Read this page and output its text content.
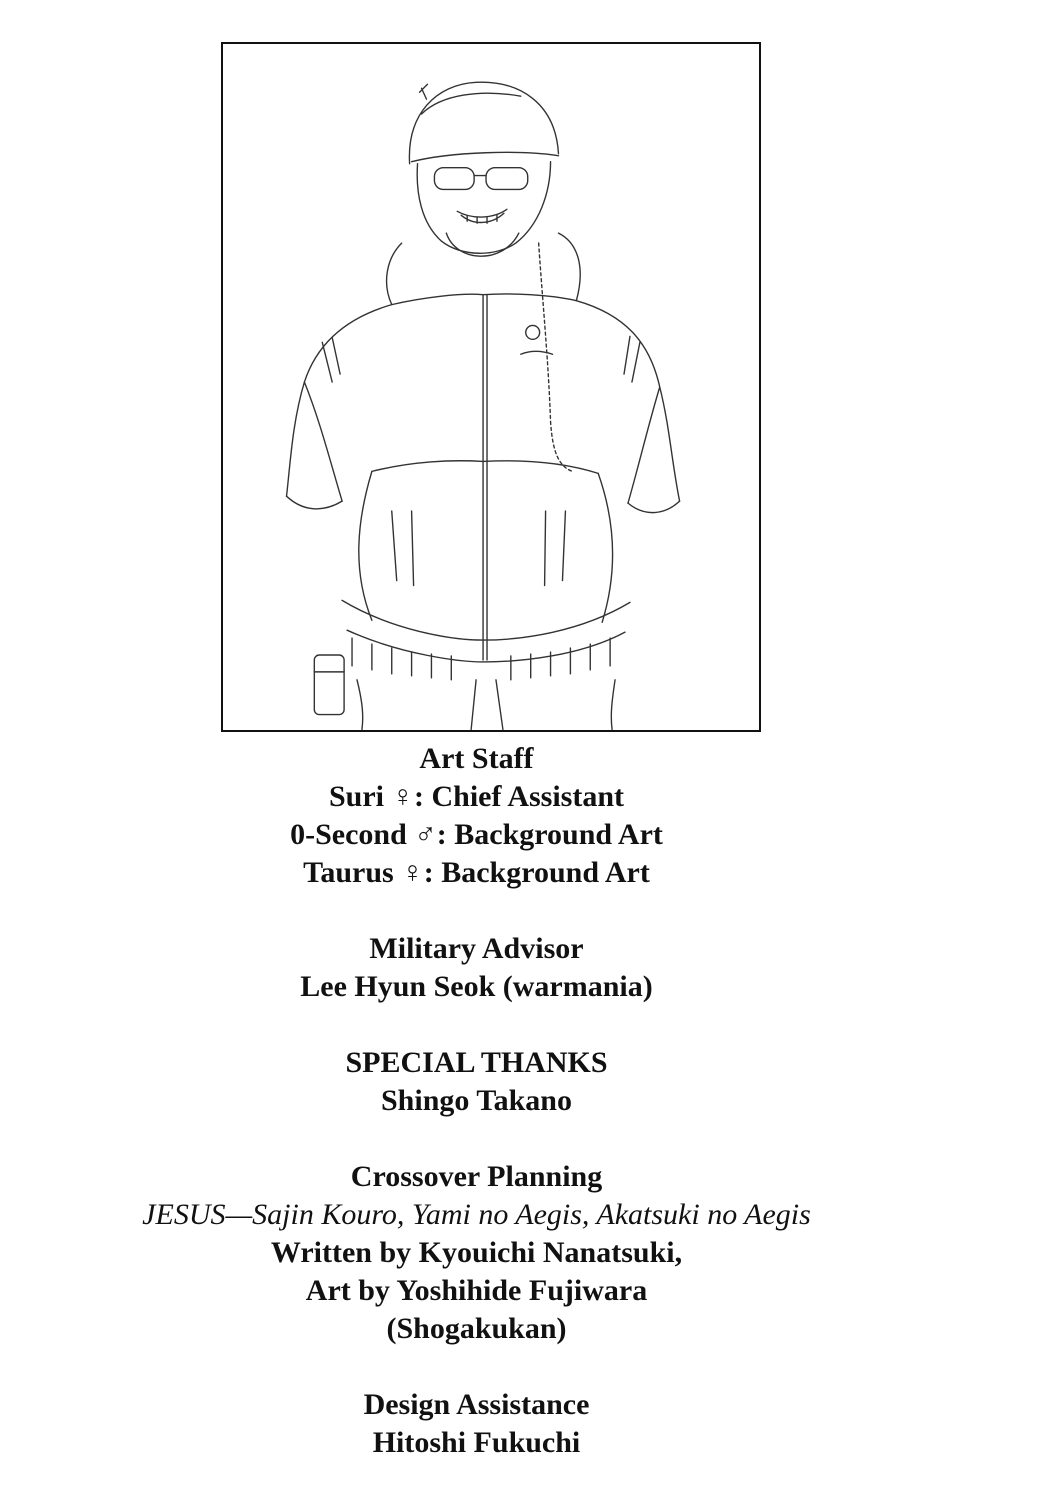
Art Staff
Suri ♀: Chief Assistant
0-Second ♂: Background Art
Taurus ♀: Background Art
Military Advisor
Lee Hyun Seok (warmania)
SPECIAL THANKS
Shingo Takano
Crossover Planning
JESUS—Sajin Kouro, Yami no Aegis, Akatsuki no Aegis
Written by Kyouichi Nanatsuki,
Art by Yoshihide Fujiwara
(Shogakukan)
Design Assistance
Hitoshi Fukuchi
